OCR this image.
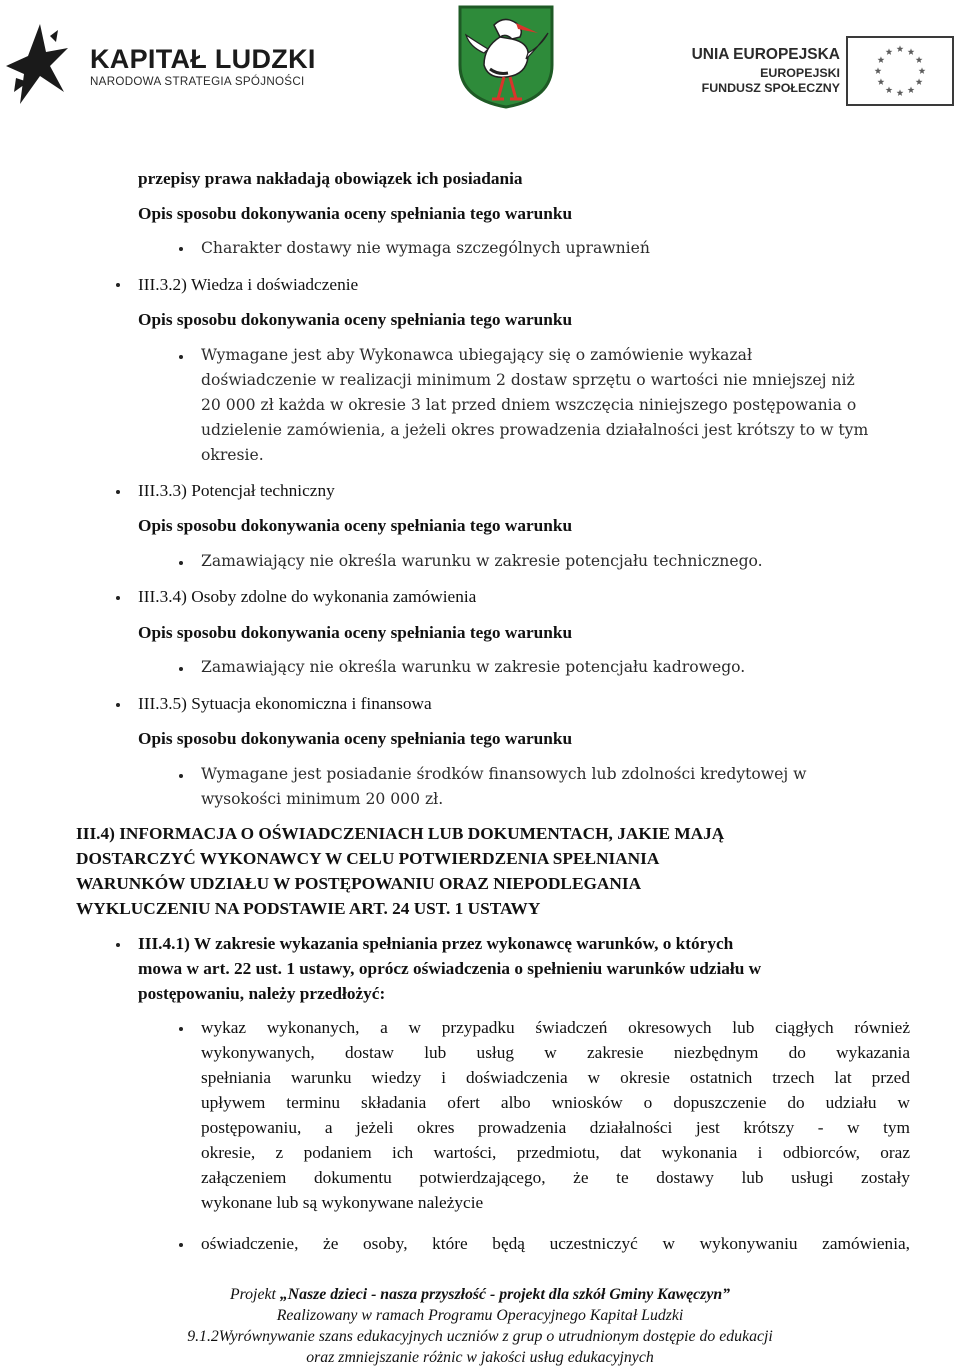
KAPITAŁ LUDZKI
NARODOWA STRATEGIA SPÓJNOŚCI
UNIA EUROPEJSKA
EUROPEJSKI
FUNDUSZ SPOŁECZNY
przepisy prawa nakładają obowiązek ich posiadania
Opis sposobu dokonywania oceny spełniania tego warunku
Charakter dostawy nie wymaga szczególnych uprawnień
III.3.2) Wiedza i doświadczenie
Opis sposobu dokonywania oceny spełniania tego warunku
Wymagane jest aby Wykonawca ubiegający się o zamówienie wykazał
doświadczenie w realizacji minimum 2 dostaw sprzętu o wartości nie mniejszej niż
20 000 zł każda w okresie 3 lat przed dniem wszczęcia niniejszego postępowania o
udzielenie zamówienia, a jeżeli okres prowadzenia działalności jest krótszy to w tym
okresie.
III.3.3) Potencjał techniczny
Opis sposobu dokonywania oceny spełniania tego warunku
Zamawiający nie określa warunku w zakresie potencjału technicznego.
III.3.4) Osoby zdolne do wykonania zamówienia
Opis sposobu dokonywania oceny spełniania tego warunku
Zamawiający nie określa warunku w zakresie potencjału kadrowego.
III.3.5) Sytuacja ekonomiczna i finansowa
Opis sposobu dokonywania oceny spełniania tego warunku
Wymagane jest posiadanie środków finansowych lub zdolności kredytowej w
wysokości minimum 20 000 zł.
III.4) INFORMACJA O OŚWIADCZENIACH LUB DOKUMENTACH, JAKIE MAJĄ
DOSTARCZYĆ WYKONAWCY W CELU POTWIERDZENIA SPEŁNIANIA
WARUNKÓW UDZIAŁU W POSTĘPOWANIU ORAZ NIEPODLEGANIA
WYKLUCZENIU NA PODSTAWIE ART. 24 UST. 1 USTAWY
III.4.1) W zakresie wykazania spełniania przez wykonawcę warunków, o których
mowa w art. 22 ust. 1 ustawy, oprócz oświadczenia o spełnieniu warunków udziału w
postępowaniu, należy przedłożyć:
wykaz wykonanych, a w przypadku świadczeń okresowych lub ciągłych również
wykonywanych, dostaw lub usług w zakresie niezbędnym do wykazania
spełniania warunku wiedzy i doświadczenia w okresie ostatnich trzech lat przed
upływem terminu składania ofert albo wniosków o dopuszczenie do udziału w
postępowaniu, a jeżeli okres prowadzenia działalności jest krótszy - w tym
okresie, z podaniem ich wartości, przedmiotu, dat wykonania i odbiorców, oraz
załączeniem dokumentu potwierdzającego, że te dostawy lub usługi zostały
wykonane lub są wykonywane należycie
oświadczenie, że osoby, które będą uczestniczyć w wykonywaniu zamówienia,
Projekt „Nasze dzieci - nasza przyszłość - projekt dla szkół Gminy Kawęczyn”
Realizowany w ramach Programu Operacyjnego Kapitał Ludzki
9.1.2Wyrównywanie szans edukacyjnych uczniów z grup o utrudnionym dostępie do edukacji
oraz zmniejszanie różnic w jakości usług edukacyjnych
